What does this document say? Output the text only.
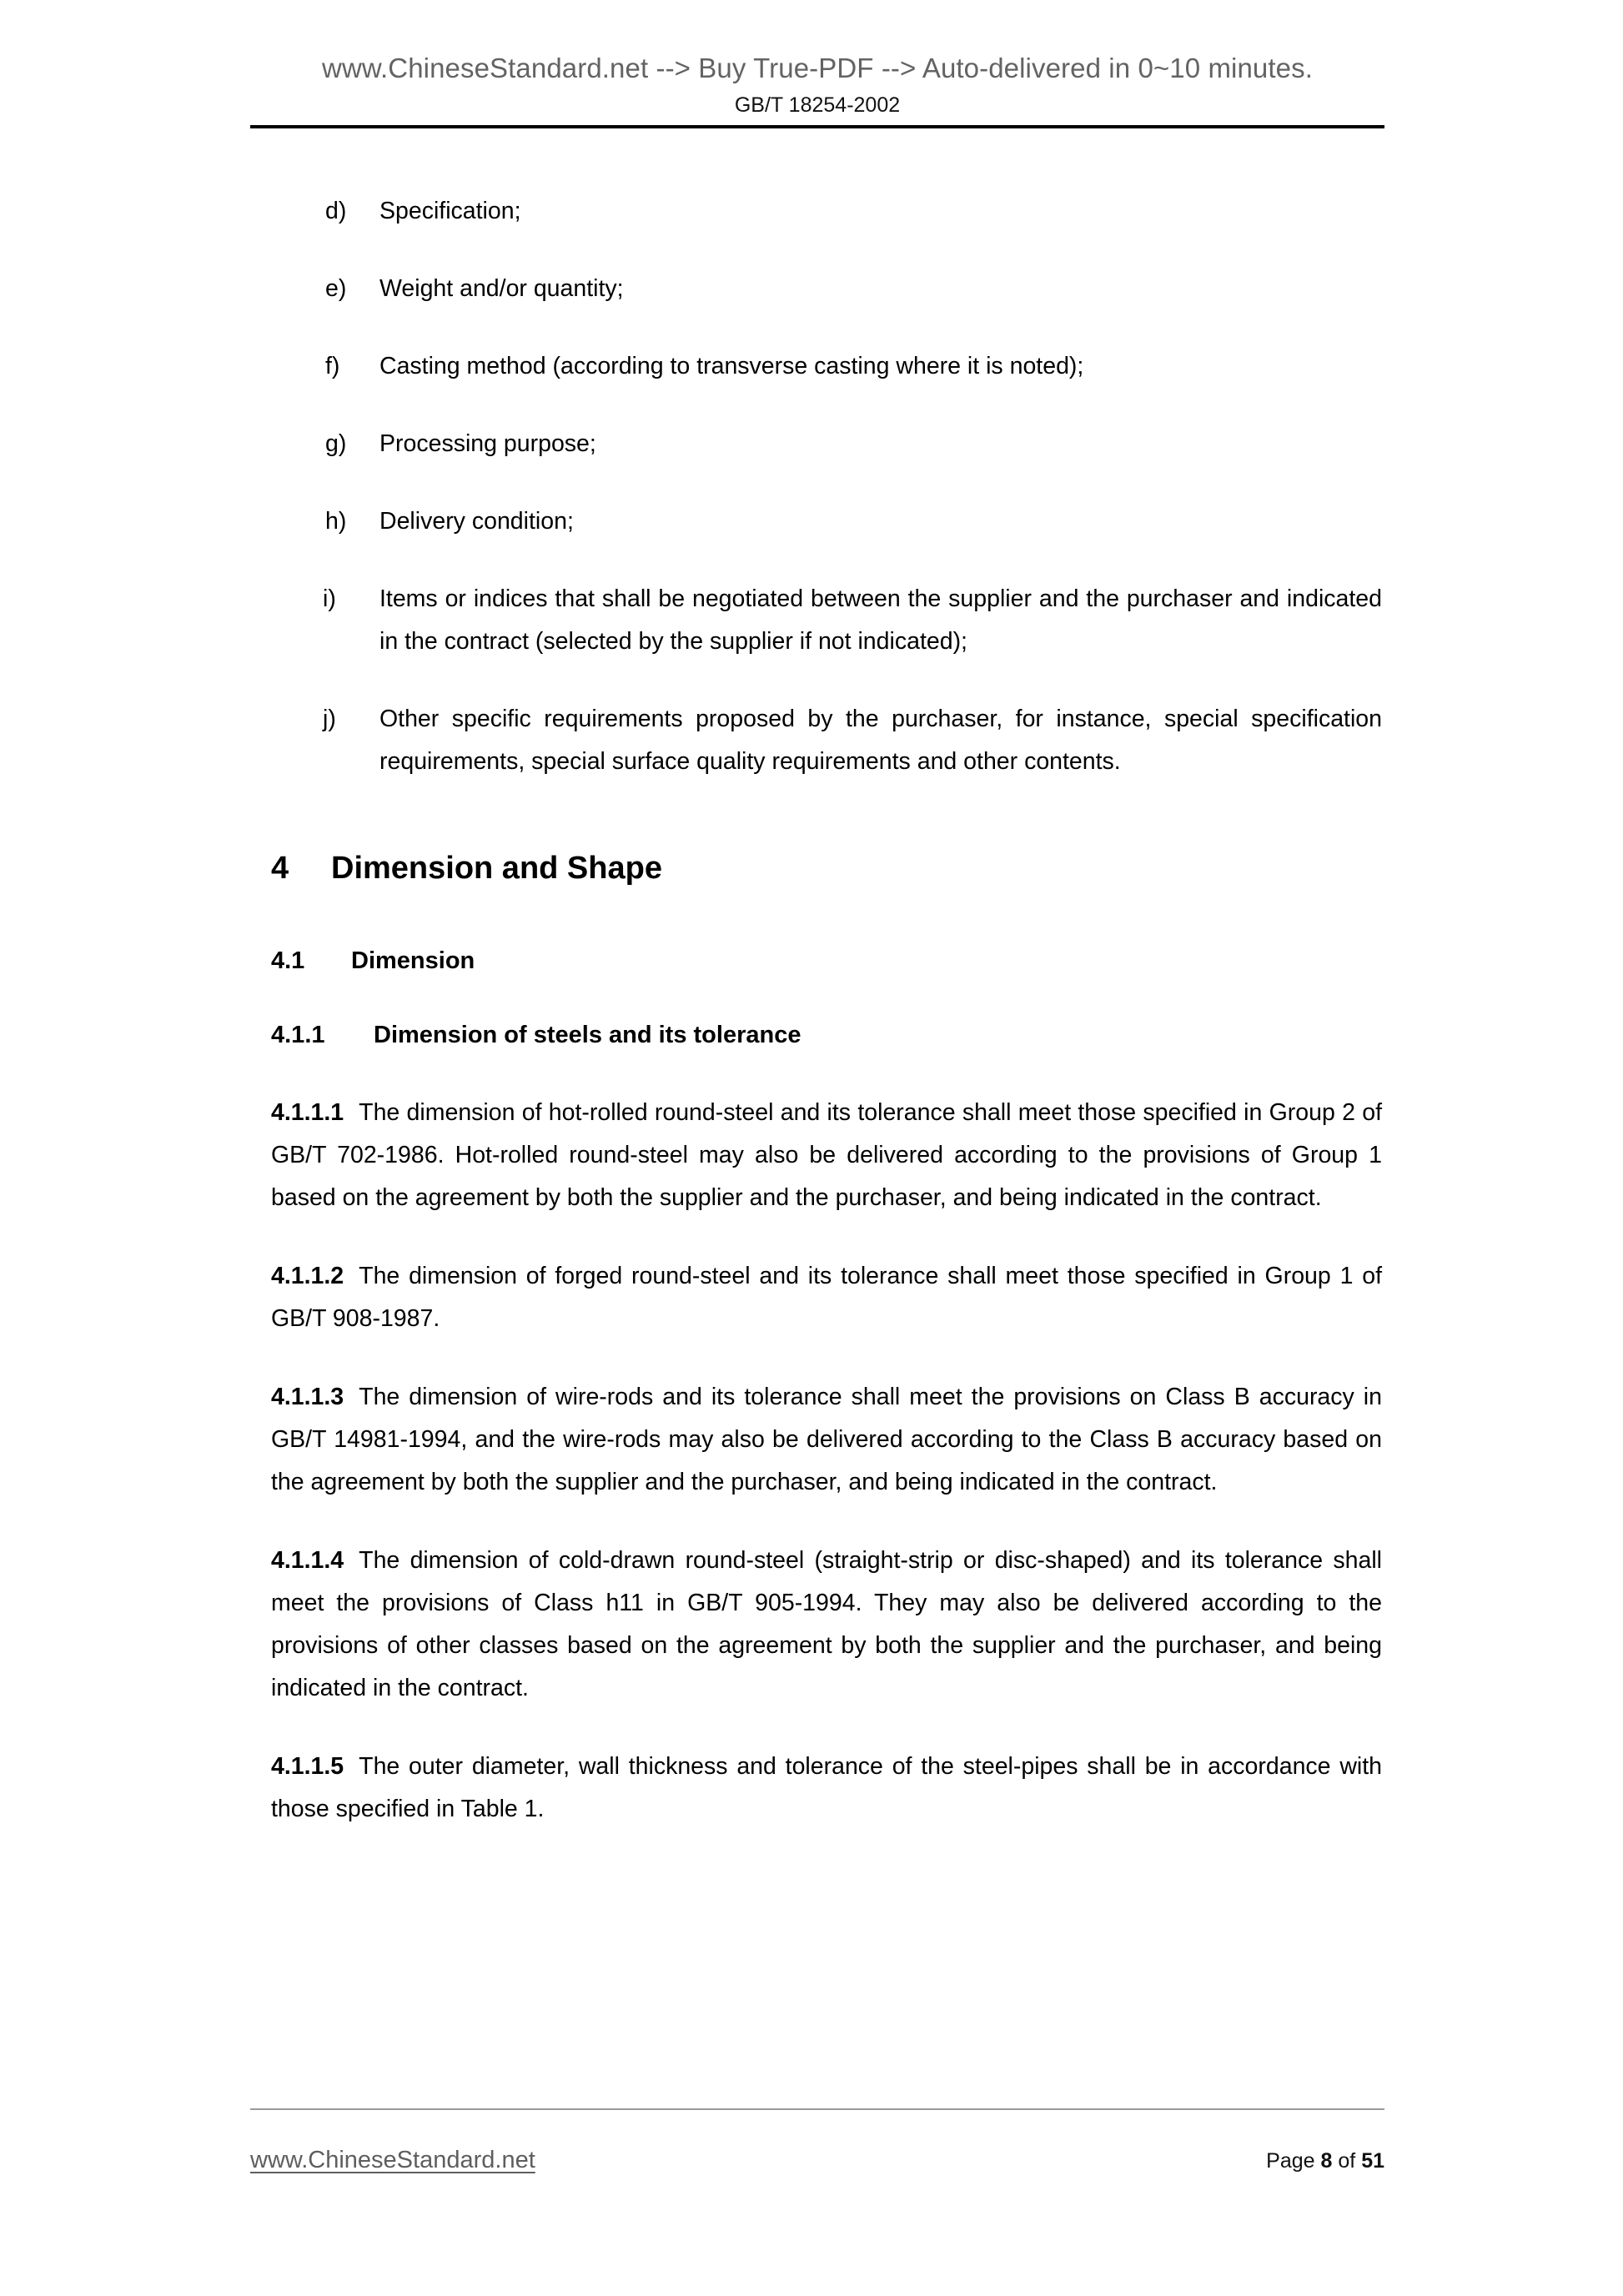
www.ChineseStandard.net --> Buy True-PDF --> Auto-delivered in 0~10 minutes.
GB/T 18254-2002
d)	Specification;
e)	Weight and/or quantity;
f)	Casting method (according to transverse casting where it is noted);
g)	Processing purpose;
h)	Delivery condition;
i)	Items or indices that shall be negotiated between the supplier and the purchaser and indicated in the contract (selected by the supplier if not indicated);
j)	Other specific requirements proposed by the purchaser, for instance, special specification requirements, special surface quality requirements and other contents.
4	Dimension and Shape
4.1	Dimension
4.1.1	Dimension of steels and its tolerance

4.1.1.1 The dimension of hot-rolled round-steel and its tolerance shall meet those specified in Group 2 of GB/T 702-1986. Hot-rolled round-steel may also be delivered according to the provisions of Group 1 based on the agreement by both the supplier and the purchaser, and being indicated in the contract.

4.1.1.2 The dimension of forged round-steel and its tolerance shall meet those specified in Group 1 of GB/T 908-1987.

4.1.1.3 The dimension of wire-rods and its tolerance shall meet the provisions on Class B accuracy in GB/T 14981-1994, and the wire-rods may also be delivered according to the Class B accuracy based on the agreement by both the supplier and the purchaser, and being indicated in the contract.

4.1.1.4 The dimension of cold-drawn round-steel (straight-strip or disc-shaped) and its tolerance shall meet the provisions of Class h11 in GB/T 905-1994. They may also be delivered according to the provisions of other classes based on the agreement by both the supplier and the purchaser, and being indicated in the contract.

4.1.1.5 The outer diameter, wall thickness and tolerance of the steel-pipes shall be in accordance with those specified in Table 1.

www.ChineseStandard.net	Page 8 of 51
